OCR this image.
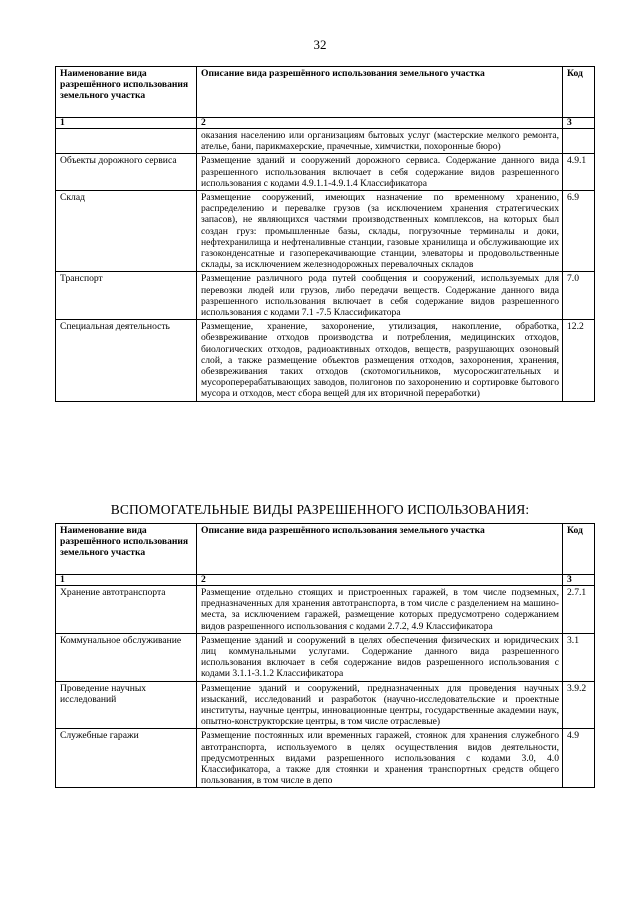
32
Наименование вида разрешённого использования земельного участка	Описание вида разрешённого использования земельного участка	Код
1	2	3
	оказания населению или организациям бытовых услуг (мастерские мелкого ремонта, ателье, бани, парикмахерские, прачечные, химчистки, похоронные бюро)	
Объекты дорожного сервиса	Размещение зданий и сооружений дорожного сервиса. Содержание данного вида разрешенного использования включает в себя содержание видов разрешенного использования с кодами 4.9.1.1-4.9.1.4 Классификатора	4.9.1
Склад	Размещение сооружений, имеющих назначение по временному хранению, распределению и перевалке грузов (за исключением хранения стратегических запасов), не являющихся частями производственных комплексов, на которых был создан груз: промышленные базы, склады, погрузочные терминалы и доки, нефтехранилища и нефтеналивные станции, газовые хранилища и обслуживающие их газоконденсатные и газоперекачивающие станции, элеваторы и продовольственные склады, за исключением железнодорожных перевалочных складов	6.9
Транспорт	Размещение различного рода путей сообщения и сооружений, используемых для перевозки людей или грузов, либо передачи веществ. Содержание данного вида разрешенного использования включает в себя содержание видов разрешенного использования с кодами 7.1 -7.5 Классификатора	7.0
Специальная деятельность	Размещение, хранение, захоронение, утилизация, накопление, обработка, обезвреживание отходов производства и потребления, медицинских отходов, биологических отходов, радиоактивных отходов, веществ, разрушающих озоновый слой, а также размещение объектов размещения отходов, захоронения, хранения, обезвреживания таких отходов (скотомогильников, мусоросжигательных и мусороперерабатывающих заводов, полигонов по захоронению и сортировке бытового мусора и отходов, мест сбора вещей для их вторичной переработки)	12.2
ВСПОМОГАТЕЛЬНЫЕ ВИДЫ РАЗРЕШЕННОГО ИСПОЛЬЗОВАНИЯ:
Наименование вида разрешённого использования земельного участка	Описание вида разрешённого использования земельного участка	Код
1	2	3
Хранение автотранспорта	Размещение отдельно стоящих и пристроенных гаражей, в том числе подземных, предназначенных для хранения автотранспорта, в том числе с разделением на машино-места, за исключением гаражей, размещение которых предусмотрено содержанием видов разрешенного использования с кодами 2.7.2, 4.9 Классификатора	2.7.1
Коммунальное обслуживание	Размещение зданий и сооружений в целях обеспечения физических и юридических лиц коммунальными услугами. Содержание данного вида разрешенного использования включает в себя содержание видов разрешенного использования с кодами 3.1.1-3.1.2 Классификатора	3.1
Проведение научных исследований	Размещение зданий и сооружений, предназначенных для проведения научных изысканий, исследований и разработок (научно-исследовательские и проектные институты, научные центры, инновационные центры, государственные академии наук, опытно-конструкторские центры, в том числе отраслевые)	3.9.2
Служебные гаражи	Размещение постоянных или временных гаражей, стоянок для хранения служебного автотранспорта, используемого в целях осуществления видов деятельности, предусмотренных видами разрешенного использования с кодами 3.0, 4.0 Классификатора, а также для стоянки и хранения транспортных средств общего пользования, в том числе в депо	4.9
